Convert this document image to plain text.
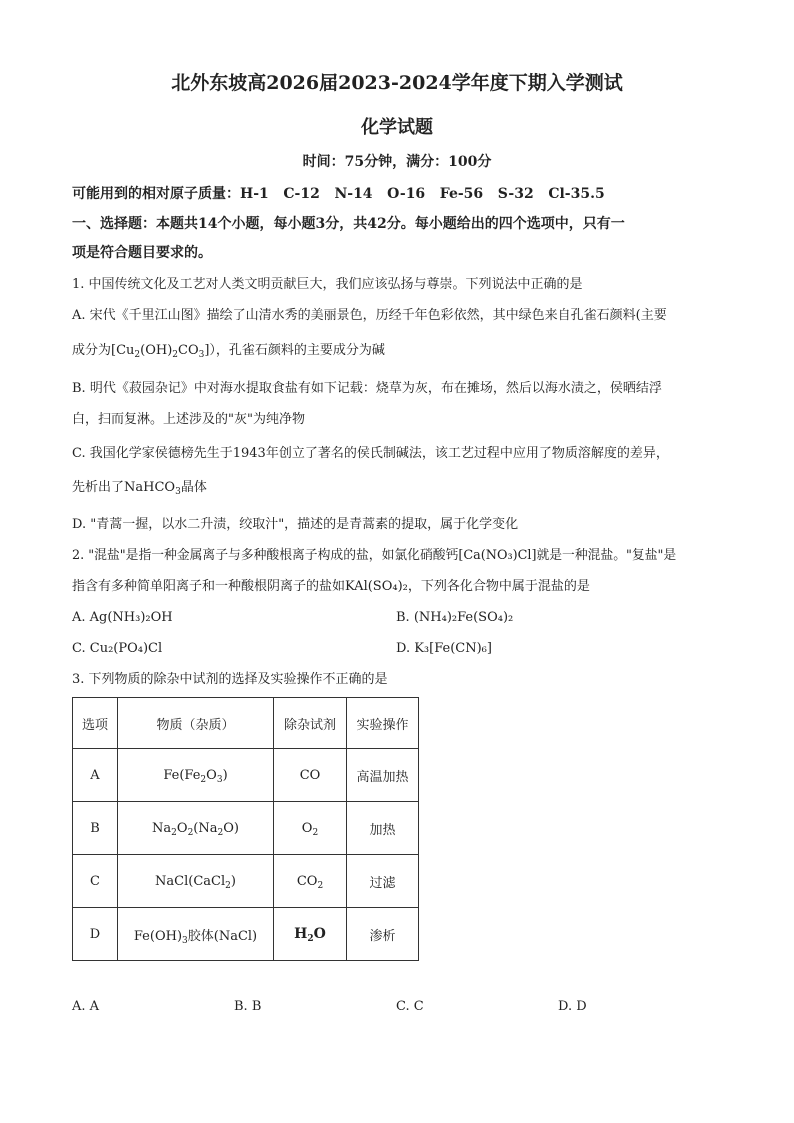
北外东坡高2026届2023-2024学年度下期入学测试
化学试题
时间：75分钟，满分：100分
可能用到的相对原子质量：H-1   C-12   N-14   O-16   Fe-56   S-32   Cl-35.5
一、选择题：本题共14个小题，每小题3分，共42分。每小题给出的四个选项中，只有一
项是符合题目要求的。
1. 中国传统文化及工艺对人类文明贡献巨大，我们应该弘扬与尊崇。下列说法中正确的是
A. 宋代《千里江山图》描绘了山清水秀的美丽景色，历经千年色彩依然，其中绿色来自孔雀石颜料(主要
成分为$[Cu_2(OH)_2CO_3]$），孔雀石颜料的主要成分为碱
B. 明代《菽园杂记》中对海水提取食盐有如下记载：烧草为灰，布在摊场，然后以海水渍之，侯晒结浮
白，扫而复淋。上述涉及的"灰"为纯净物
C. 我国化学家侯德榜先生于1943年创立了著名的侯氏制碱法，该工艺过程中应用了物质溶解度的差异，
先析出了NaHCO$_3$晶体
D. "青蒿一握，以水二升渍，绞取汁"，描述的是青蒿素的提取，属于化学变化
2. "混盐"是指一种金属离子与多种酸根离子构成的盐，如氯化硝酸钙[Ca(NO₃)Cl]就是一种混盐。"复盐"是
指含有多种简单阳离子和一种酸根阴离子的盐如KAl(SO₄)₂，下列各化合物中属于混盐的是
A. Ag(NH₃)₂OH	B. (NH₄)₂Fe(SO₄)₂
C. Cu₂(PO₄)Cl	D. K₃[Fe(CN)₆]
3. 下列物质的除杂中试剂的选择及实验操作不正确的是
选项	物质（杂质）	除杂试剂	实验操作
A	$Fe(Fe_2O_3)$	CO	高温加热
B	$Na_2O_2(Na_2O)$	$O_2$	加热
C	NaCl(CaCl$_2$)	$CO_2$	过滤
D	$Fe(OH)_3$胶体(NaCl)	$H_2O$	渗析
A. A	B. B	C. C	D. D
